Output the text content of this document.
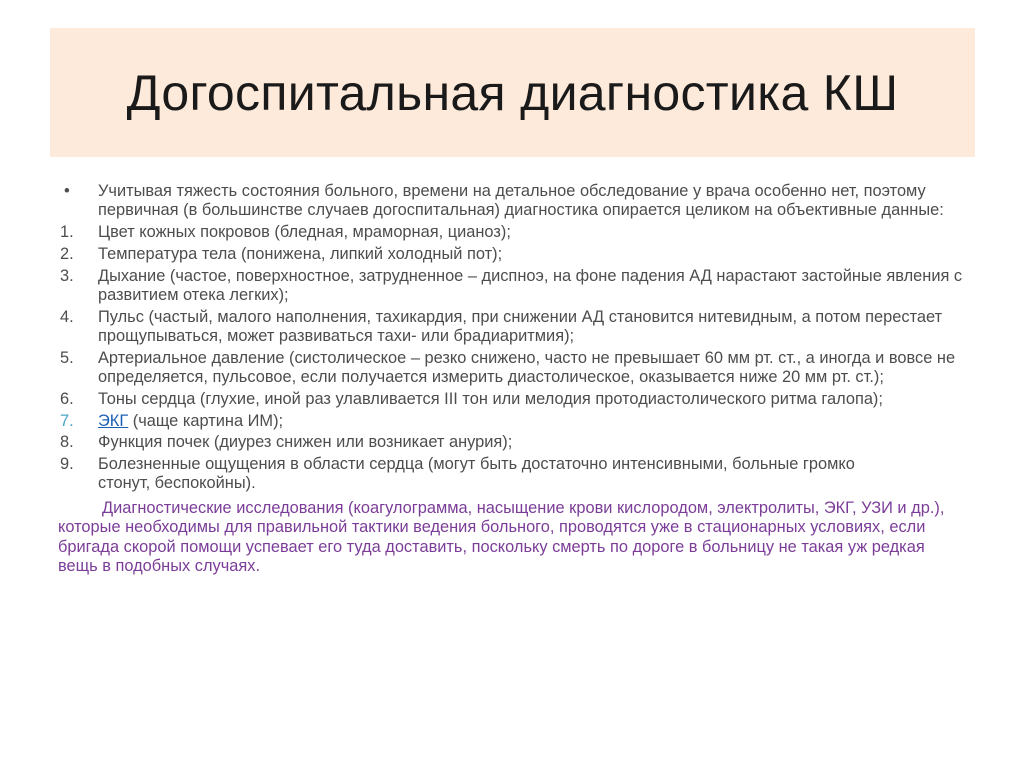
Догоспитальная диагностика КШ
• Учитывая тяжесть состояния больного, времени на детальное обследование у врача особенно нет, поэтому первичная (в большинстве случаев догоспитальная) диагностика опирается целиком на объективные данные:
1. Цвет кожных покровов (бледная, мраморная, цианоз);
2. Температура тела (понижена, липкий холодный пот);
3. Дыхание (частое, поверхностное, затрудненное – диспноэ, на фоне падения АД нарастают застойные явления с развитием отека легких);
4. Пульс (частый, малого наполнения, тахикардия, при снижении АД становится нитевидным, а потом перестает прощупываться, может развиваться тахи- или брадиаритмия);
5. Артериальное давление (систолическое – резко снижено, часто не превышает 60 мм рт. ст., а иногда и вовсе не определяется, пульсовое, если получается измерить диастолическое, оказывается ниже 20 мм рт. ст.);
6. Тоны сердца (глухие, иной раз улавливается III тон или мелодия протодиастолического ритма галопа);
7. ЭКГ (чаще картина ИМ);
8. Функция почек (диурез снижен или возникает анурия);
9. Болезненные ощущения в области сердца (могут быть достаточно интенсивными, больные громко
стонут, беспокойны).
Диагностические исследования (коагулограмма, насыщение крови кислородом, электролиты, ЭКГ, УЗИ и др.), которые необходимы для правильной тактики ведения больного, проводятся уже в стационарных условиях, если бригада скорой помощи успевает его туда доставить, поскольку смерть по дороге в больницу не такая уж редкая вещь в подобных случаях.
